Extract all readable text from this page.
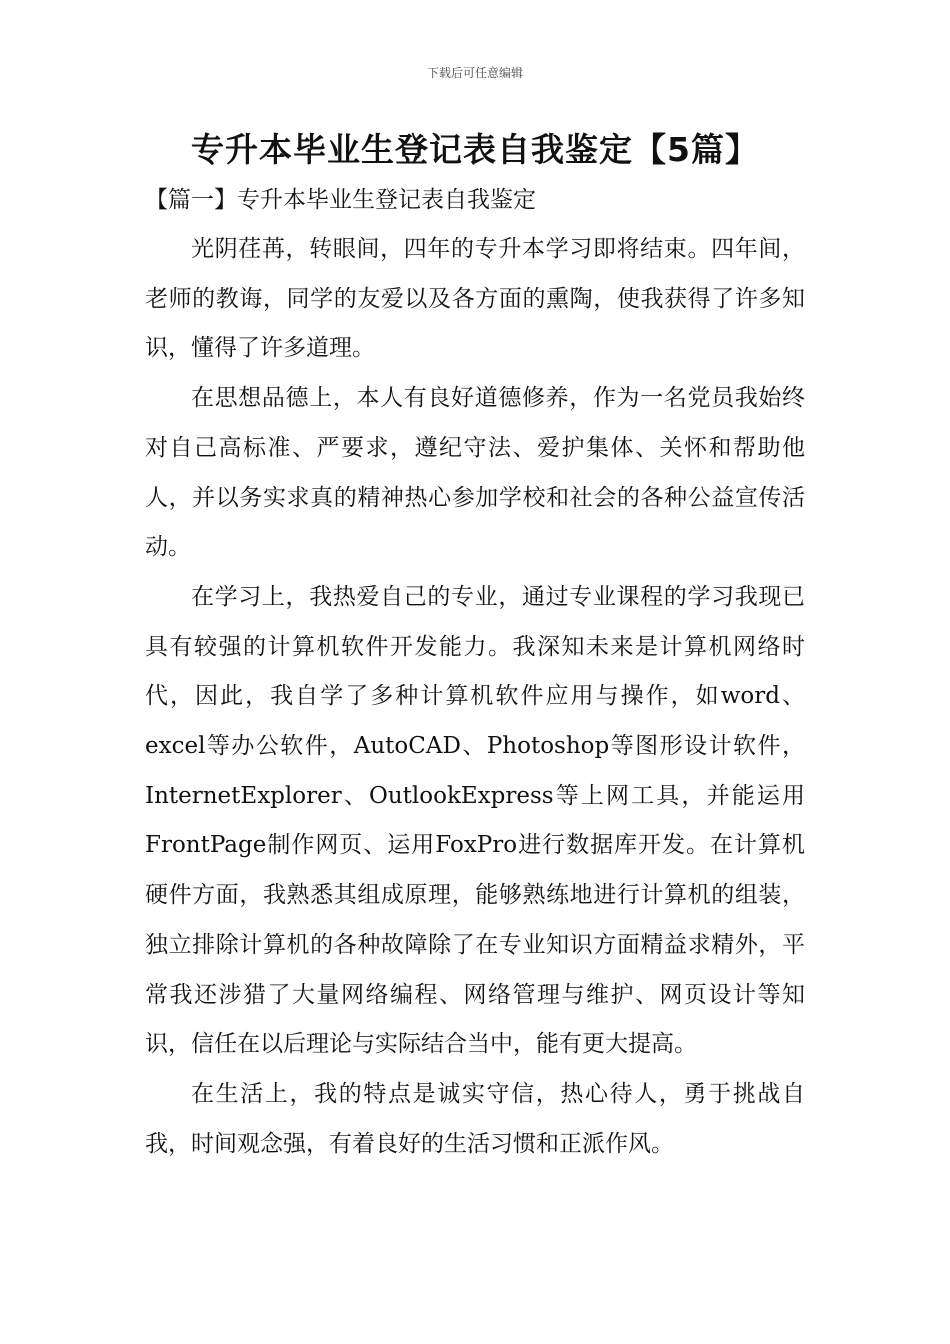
下载后可任意编辑
专升本毕业生登记表自我鉴定【5篇】
【篇一】专升本毕业生登记表自我鉴定

光阴荏苒，转眼间，四年的专升本学习即将结束。四年间，老师的教诲，同学的友爱以及各方面的熏陶，使我获得了许多知识，懂得了许多道理。

在思想品德上，本人有良好道德修养，作为一名党员我始终对自己高标准、严要求，遵纪守法、爱护集体、关怀和帮助他人，并以务实求真的精神热心参加学校和社会的各种公益宣传活动。

在学习上，我热爱自己的专业，通过专业课程的学习我现已具有较强的计算机软件开发能力。我深知未来是计算机网络时代，因此，我自学了多种计算机软件应用与操作，如word、excel等办公软件，AutoCAD、Photoshop等图形设计软件，InternetExplorer、OutlookExpress等上网工具，并能运用FrontPage制作网页、运用FoxPro进行数据库开发。在计算机硬件方面，我熟悉其组成原理，能够熟练地进行计算机的组装，独立排除计算机的各种故障除了在专业知识方面精益求精外，平常我还涉猎了大量网络编程、网络管理与维护、网页设计等知识，信任在以后理论与实际结合当中，能有更大提高。

在生活上，我的特点是诚实守信，热心待人，勇于挑战自我，时间观念强，有着良好的生活习惯和正派作风。
